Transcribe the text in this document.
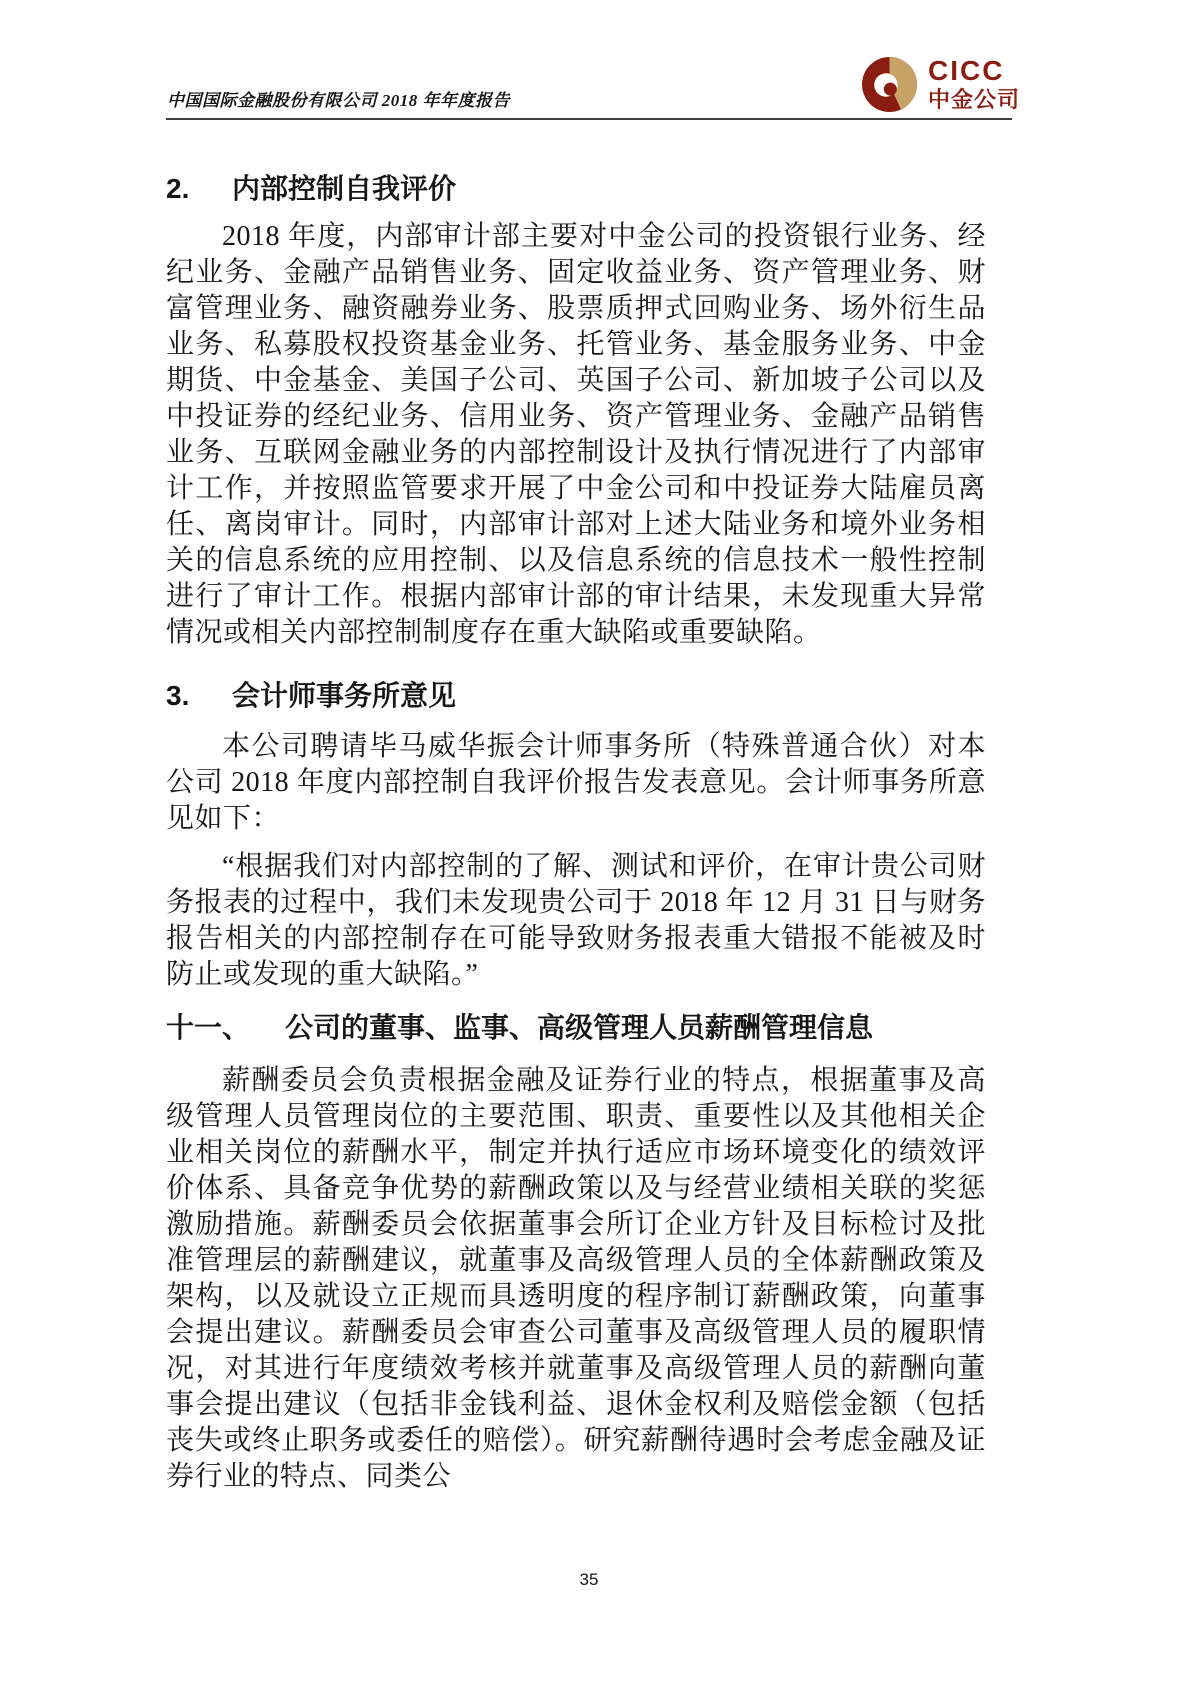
中国国际金融股份有限公司 2018 年年度报告
CICC
中金公司
2.	内部控制自我评价

2018 年度，内部审计部主要对中金公司的投资银行业务、经纪业务、金融产品销售业务、固定收益业务、资产管理业务、财富管理业务、融资融券业务、股票质押式回购业务、场外衍生品业务、私募股权投资基金业务、托管业务、基金服务业务、中金期货、中金基金、美国子公司、英国子公司、新加坡子公司以及中投证券的经纪业务、信用业务、资产管理业务、金融产品销售业务、互联网金融业务的内部控制设计及执行情况进行了内部审计工作，并按照监管要求开展了中金公司和中投证券大陆雇员离任、离岗审计。同时，内部审计部对上述大陆业务和境外业务相关的信息系统的应用控制、以及信息系统的信息技术一般性控制进行了审计工作。根据内部审计部的审计结果，未发现重大异常情况或相关内部控制制度存在重大缺陷或重要缺陷。

3.	会计师事务所意见

本公司聘请毕马威华振会计师事务所（特殊普通合伙）对本公司 2018 年度内部控制自我评价报告发表意见。会计师事务所意见如下：

“根据我们对内部控制的了解、测试和评价，在审计贵公司财务报表的过程中，我们未发现贵公司于 2018 年 12 月 31 日与财务报告相关的内部控制存在可能导致财务报表重大错报不能被及时防止或发现的重大缺陷。”

十一、	公司的董事、监事、高级管理人员薪酬管理信息

薪酬委员会负责根据金融及证券行业的特点，根据董事及高级管理人员管理岗位的主要范围、职责、重要性以及其他相关企业相关岗位的薪酬水平，制定并执行适应市场环境变化的绩效评价体系、具备竞争优势的薪酬政策以及与经营业绩相关联的奖惩激励措施。薪酬委员会依据董事会所订企业方针及目标检讨及批准管理层的薪酬建议，就董事及高级管理人员的全体薪酬政策及架构，以及就设立正规而具透明度的程序制订薪酬政策，向董事会提出建议。薪酬委员会审查公司董事及高级管理人员的履职情况，对其进行年度绩效考核并就董事及高级管理人员的薪酬向董事会提出建议（包括非金钱利益、退休金权利及赔偿金额（包括丧失或终止职务或委任的赔偿）。研究薪酬待遇时会考虑金融及证券行业的特点、同类公

35
